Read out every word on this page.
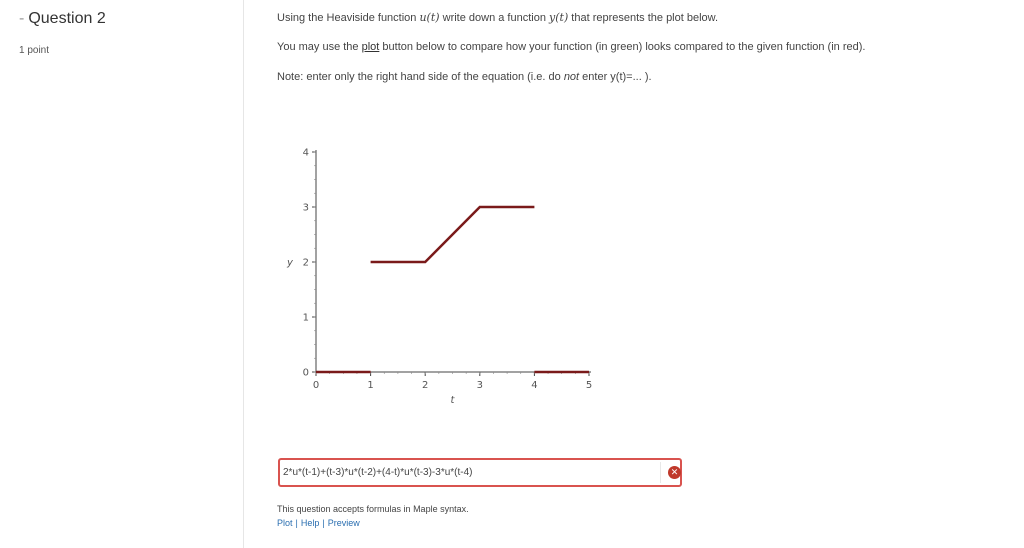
- Question 2
1 point
Using the Heaviside function u(t) write down a function y(t) that represents the plot below.
You may use the plot button below to compare how your function (in green) looks compared to the given function (in red).
Note: enter only the right hand side of the equation (i.e. do not enter y(t)=... ).
0	1	2	3	4	5
0
1
2
3
4
t
y
2*u*(t-1)+(t-3)*u*(t-2)+(4-t)*u*(t-3)-3*u*(t-4)
✕
This question accepts formulas in Maple syntax.
Plot | Help | Preview
